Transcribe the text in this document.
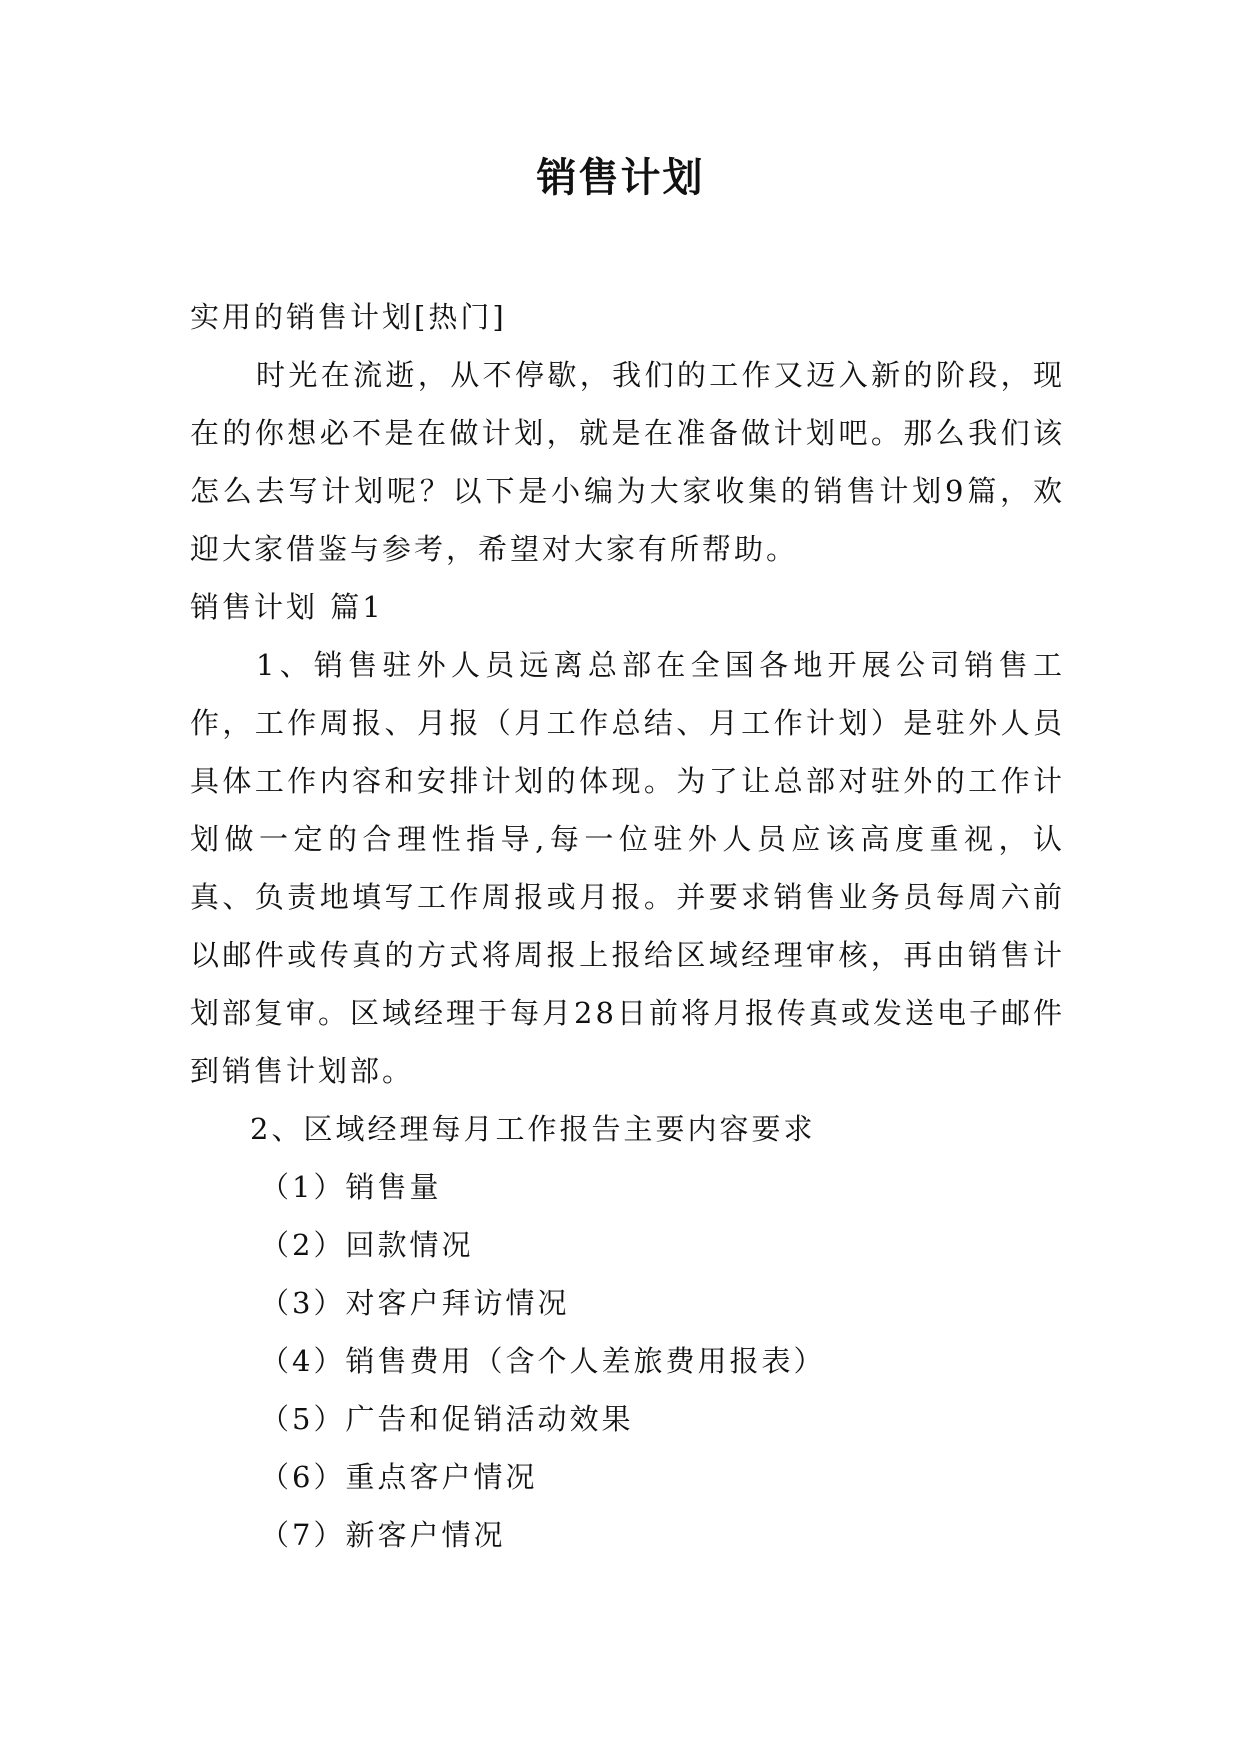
销售计划

实用的销售计划[热门]

时光在流逝，从不停歇，我们的工作又迈入新的阶段，现在的你想必不是在做计划，就是在准备做计划吧。那么我们该怎么去写计划呢？以下是小编为大家收集的销售计划9篇，欢迎大家借鉴与参考，希望对大家有所帮助。

销售计划 篇1

1、销售驻外人员远离总部在全国各地开展公司销售工作，工作周报、月报（月工作总结、月工作计划）是驻外人员具体工作内容和安排计划的体现。为了让总部对驻外的工作计划做一定的合理性指导,每一位驻外人员应该高度重视，认真、负责地填写工作周报或月报。并要求销售业务员每周六前以邮件或传真的方式将周报上报给区域经理审核，再由销售计划部复审。区域经理于每月28日前将月报传真或发送电子邮件到销售计划部。

2、区域经理每月工作报告主要内容要求

（1）销售量

（2）回款情况

（3）对客户拜访情况

（4）销售费用（含个人差旅费用报表）

（5）广告和促销活动效果

（6）重点客户情况

（7）新客户情况
